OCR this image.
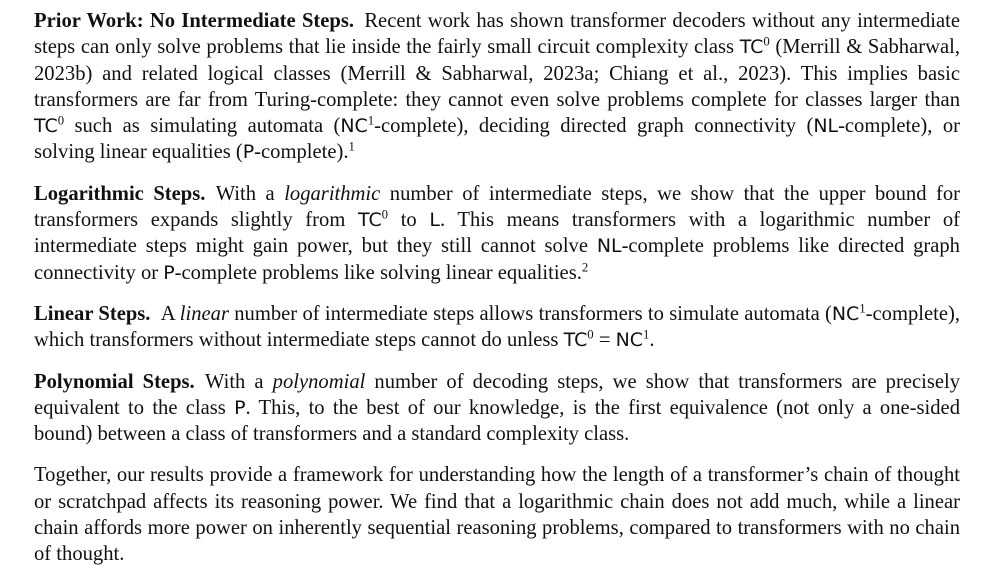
Prior Work: No Intermediate Steps.  Recent work has shown transformer decoders without any intermediate steps can only solve problems that lie inside the fairly small circuit complexity class $TC^0$ (Merrill & Sabharwal, 2023b) and related logical classes (Merrill & Sabharwal, 2023a; Chiang et al., 2023). This implies basic transformers are far from Turing-complete: they cannot even solve problems complete for classes larger than $TC^0$ such as simulating automata $(NC^1-complete)$, deciding directed graph connectivity (NL-complete), or solving linear equalities (P-complete).$^1$

Logarithmic Steps.  With a logarithmic number of intermediate steps, we show that the upper bound for transformers expands slightly from $TC^0$ to L. This means transformers with a logarithmic number of intermediate steps might gain power, but they still cannot solve NL-complete problems like directed graph connectivity or P-complete problems like solving linear equalities.$^2$

Linear Steps.  A linear number of intermediate steps allows transformers to simulate automata $(NC^1-complete)$, which transformers without intermediate steps cannot do unless $TC^0 = NC^1$.

Polynomial Steps.  With a polynomial number of decoding steps, we show that transformers are precisely equivalent to the class P. This, to the best of our knowledge, is the first equivalence (not only a one-sided bound) between a class of transformers and a standard complexity class.

Together, our results provide a framework for understanding how the length of a transformer’s chain of thought or scratchpad affects its reasoning power. We find that a logarithmic chain does not add much, while a linear chain affords more power on inherently sequential reasoning problems, compared to transformers with no chain of thought.
